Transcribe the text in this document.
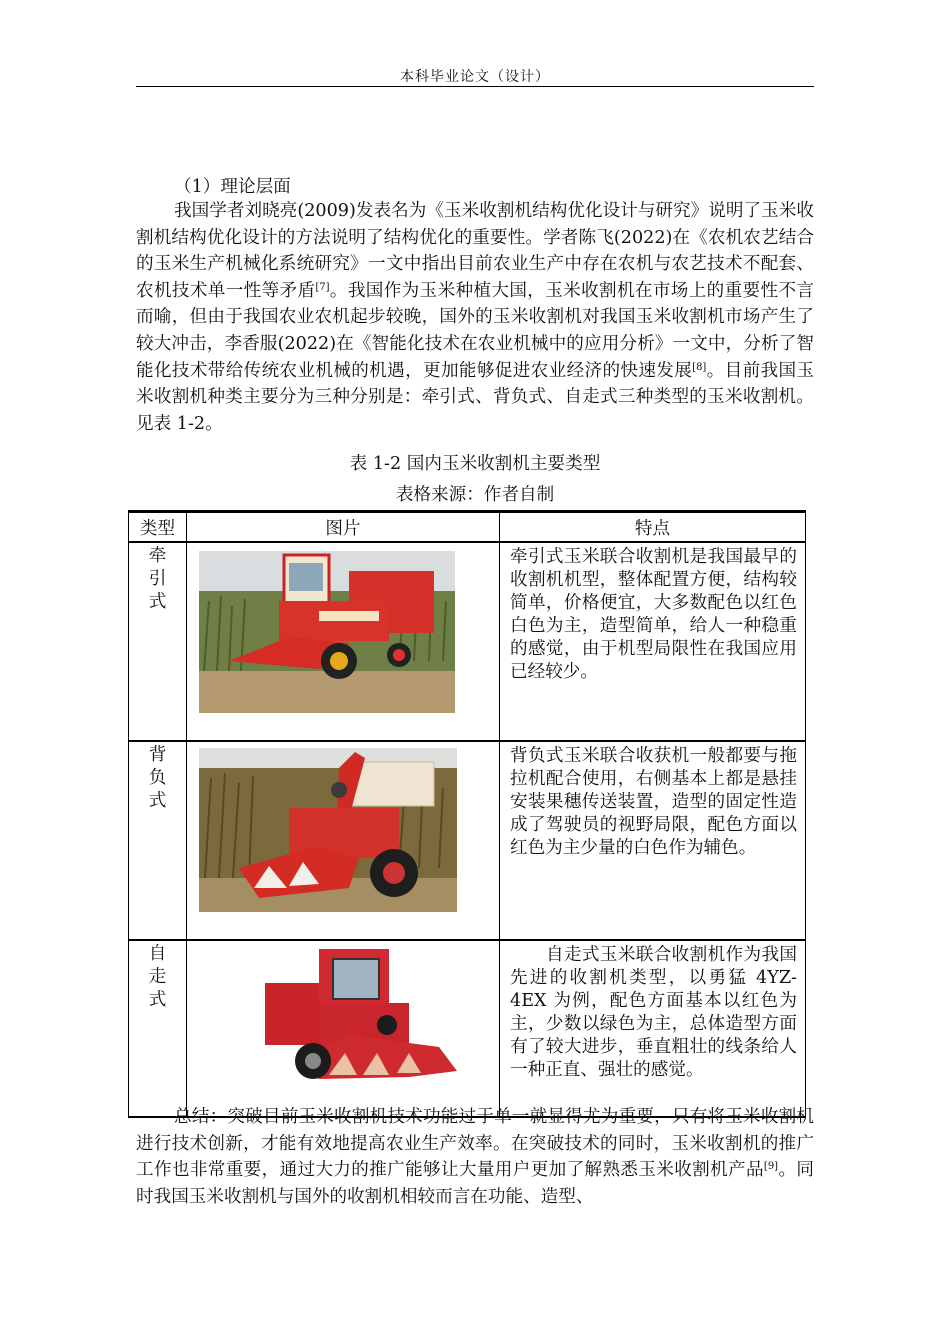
本科毕业论文（设计）

（1）理论层面

我国学者刘晓亮(2009)发表名为《玉米收割机结构优化设计与研究》说明了玉米收割机结构优化设计的方法说明了结构优化的重要性。学者陈飞(2022)在《农机农艺结合的玉米生产机械化系统研究》一文中指出目前农业生产中存在农机与农艺技术不配套、农机技术单一性等矛盾[7]。我国作为玉米种植大国，玉米收割机在市场上的重要性不言而喻，但由于我国农业农机起步较晚，国外的玉米收割机对我国玉米收割机市场产生了较大冲击，李香服(2022)在《智能化技术在农业机械中的应用分析》一文中，分析了智能化技术带给传统农业机械的机遇，更加能够促进农业经济的快速发展[8]。目前我国玉米收割机种类主要分为三种分别是：牵引式、背负式、自走式三种类型的玉米收割机。见表 1-2。

表 1-2 国内玉米收割机主要类型
表格来源：作者自制
类型	图片	特点

牵
引
式		牵引式玉米联合收割机是我国最早的收割机机型，整体配置方便，结构较简单，价格便宜，大多数配色以红色白色为主，造型简单，给人一种稳重的感觉，由于机型局限性在我国应用已经较少。

背
负
式		背负式玉米联合收获机一般都要与拖拉机配合使用，右侧基本上都是悬挂安装果穗传送装置，造型的固定性造成了驾驶员的视野局限，配色方面以红色为主少量的白色作为辅色。

自
走
式		自走式玉米联合收割机作为我国先进的收割机类型，以勇猛 4YZ-4EX 为例，配色方面基本以红色为主，少数以绿色为主，总体造型方面有了较大进步，垂直粗壮的线条给人一种正直、强壮的感觉。

总结：突破目前玉米收割机技术功能过于单一就显得尤为重要，只有将玉米收割机进行技术创新，才能有效地提高农业生产效率。在突破技术的同时，玉米收割机的推广工作也非常重要，通过大力的推广能够让大量用户更加了解熟悉玉米收割机产品[9]。同时我国玉米收割机与国外的收割机相较而言在功能、造型、
